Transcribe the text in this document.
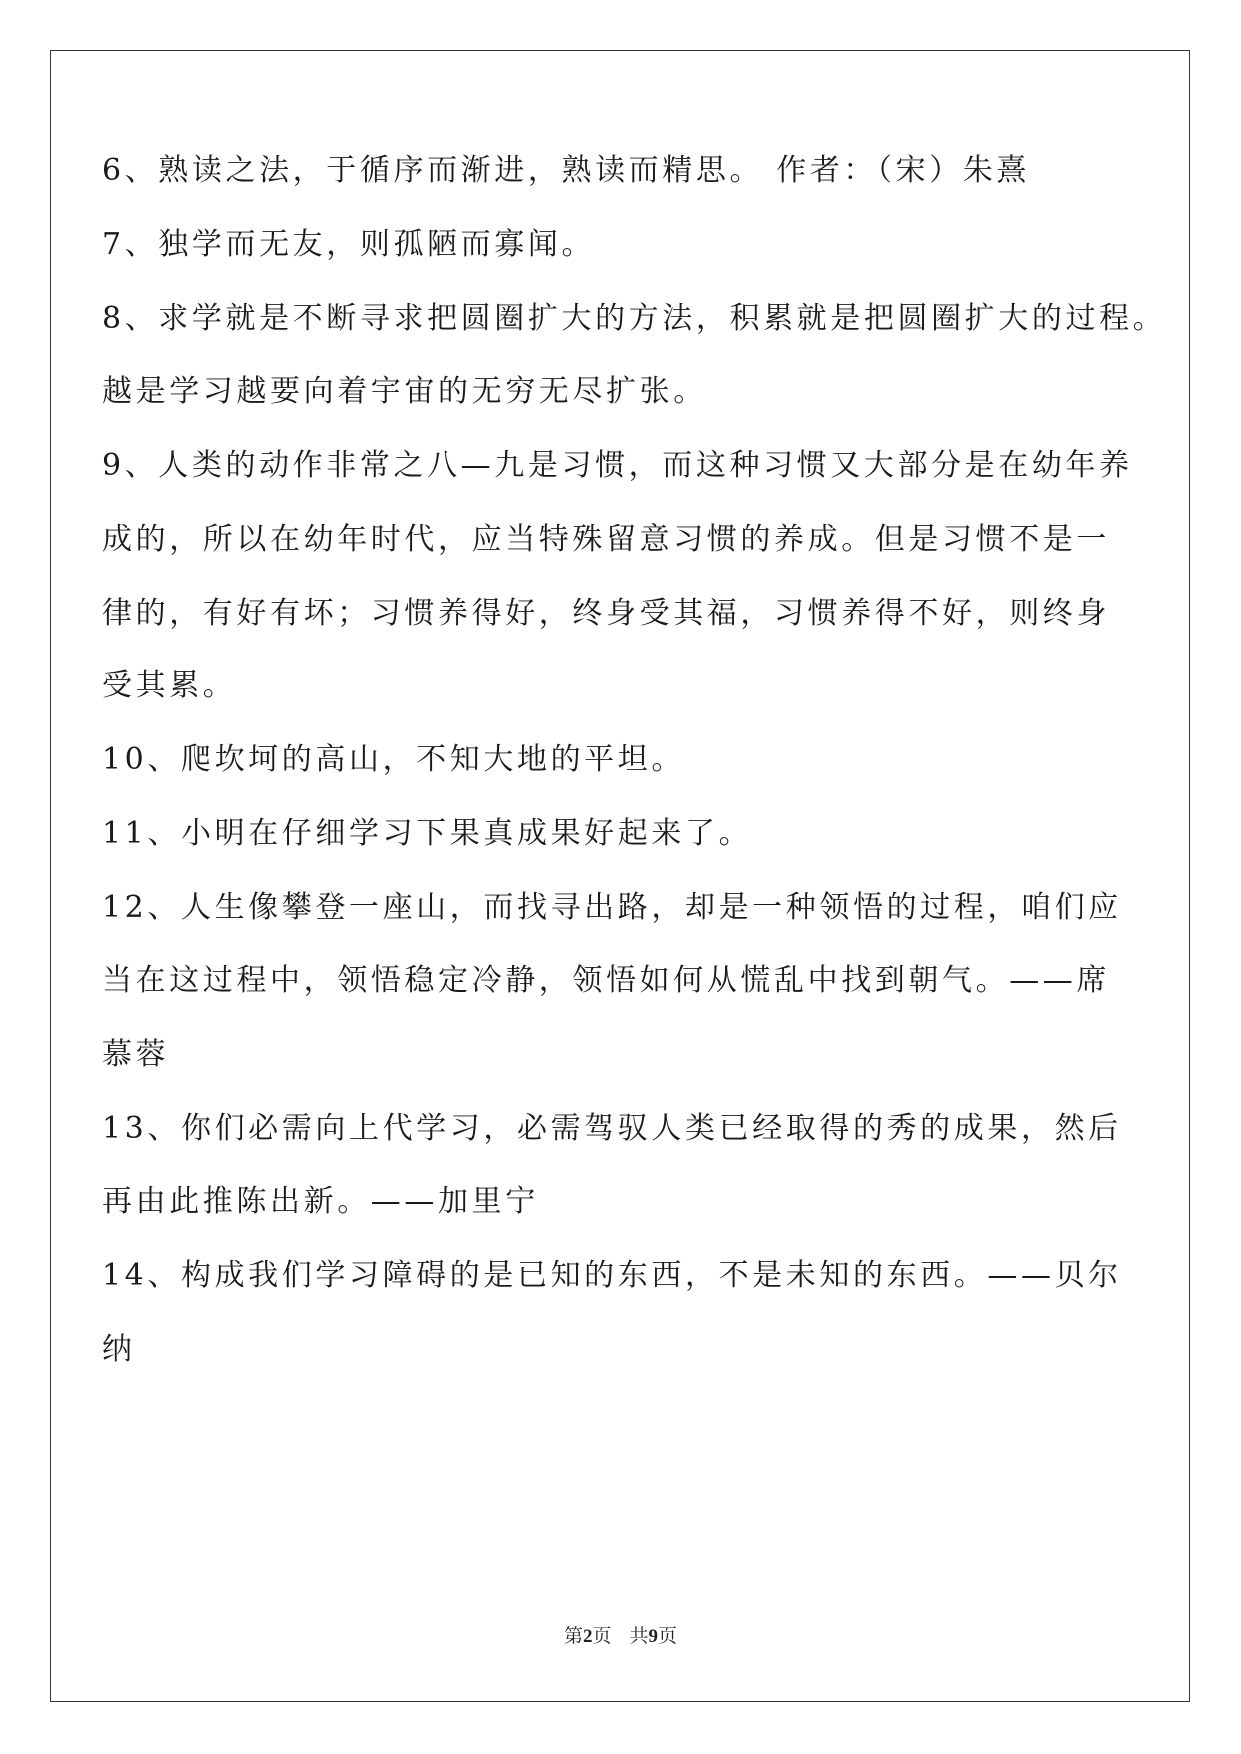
6、熟读之法，于循序而渐进，熟读而精思。 作者：（宋）朱熹
7、独学而无友，则孤陋而寡闻。
8、求学就是不断寻求把圆圈扩大的方法，积累就是把圆圈扩大的过程。
越是学习越要向着宇宙的无穷无尽扩张。
9、人类的动作非常之八—九是习惯，而这种习惯又大部分是在幼年养
成的，所以在幼年时代，应当特殊留意习惯的养成。但是习惯不是一
律的，有好有坏；习惯养得好，终身受其福，习惯养得不好，则终身
受其累。
10、爬坎坷的高山，不知大地的平坦。
11、小明在仔细学习下果真成果好起来了。
12、人生像攀登一座山，而找寻出路，却是一种领悟的过程，咱们应
当在这过程中，领悟稳定冷静，领悟如何从慌乱中找到朝气。——席
慕蓉
13、你们必需向上代学习，必需驾驭人类已经取得的秀的成果，然后
再由此推陈出新。——加里宁
14、构成我们学习障碍的是已知的东西，不是未知的东西。——贝尔
纳
第2页 共9页
